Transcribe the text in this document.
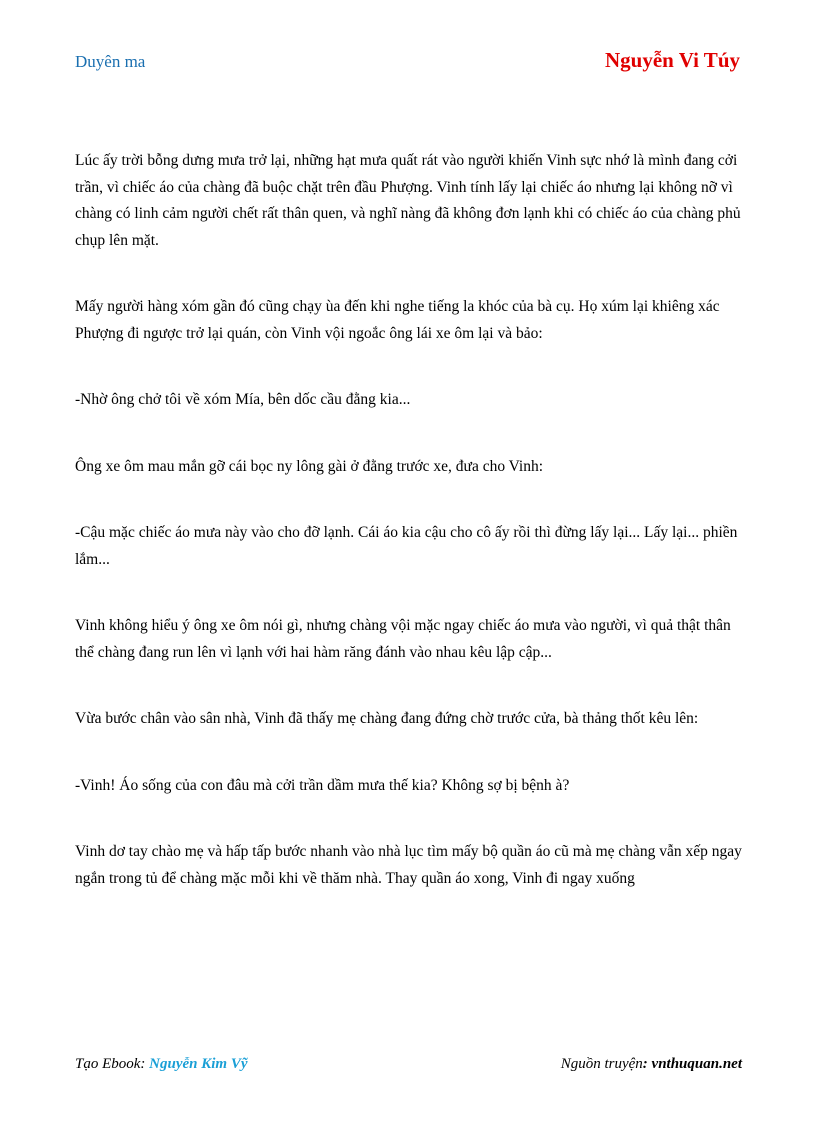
Duyên ma	Nguyễn Vi Túy

Lúc ấy trời bỗng dưng mưa trở lại, những hạt mưa quất rát vào người khiến Vinh sực nhớ là mình đang cởi trần, vì chiếc áo của chàng đã buộc chặt trên đầu Phượng. Vinh tính lấy lại chiếc áo nhưng lại không nỡ vì chàng có linh cảm người chết rất thân quen, và nghĩ nàng đã không đơn lạnh khi có chiếc áo của chàng phủ chụp lên mặt.

Mấy người hàng xóm gần đó cũng chạy ùa đến khi nghe tiếng la khóc của bà cụ. Họ xúm lại khiêng xác Phượng đi ngược trở lại quán, còn Vinh vội ngoắc ông lái xe ôm lại và bảo:

-Nhờ ông chở tôi về xóm Mía, bên dốc cầu đằng kia...

Ông xe ôm mau mắn gỡ cái bọc ny lông gài ở đằng trước xe, đưa cho Vinh:

-Cậu mặc chiếc áo mưa này vào cho đỡ lạnh. Cái áo kia cậu cho cô ấy rồi thì đừng lấy lại... Lấy lại... phiền lắm...

Vinh không hiểu ý ông xe ôm nói gì, nhưng chàng vội mặc ngay chiếc áo mưa vào người, vì quả thật thân thể chàng đang run lên vì lạnh với hai hàm răng đánh vào nhau kêu lập cập...

Vừa bước chân vào sân nhà, Vinh đã thấy mẹ chàng đang đứng chờ trước cửa, bà thảng thốt kêu lên:

-Vinh! Áo sống của con đâu mà cởi trần dầm mưa thế kia? Không sợ bị bệnh à?

Vinh dơ tay chào mẹ và hấp tấp bước nhanh vào nhà lục tìm mấy bộ quần áo cũ mà mẹ chàng vẫn xếp ngay ngắn trong tủ để chàng mặc mỗi khi về thăm nhà. Thay quần áo xong, Vinh đi ngay xuống

Tạo Ebook: Nguyễn Kim Vỹ	Nguồn truyện: vnthuquan.net
